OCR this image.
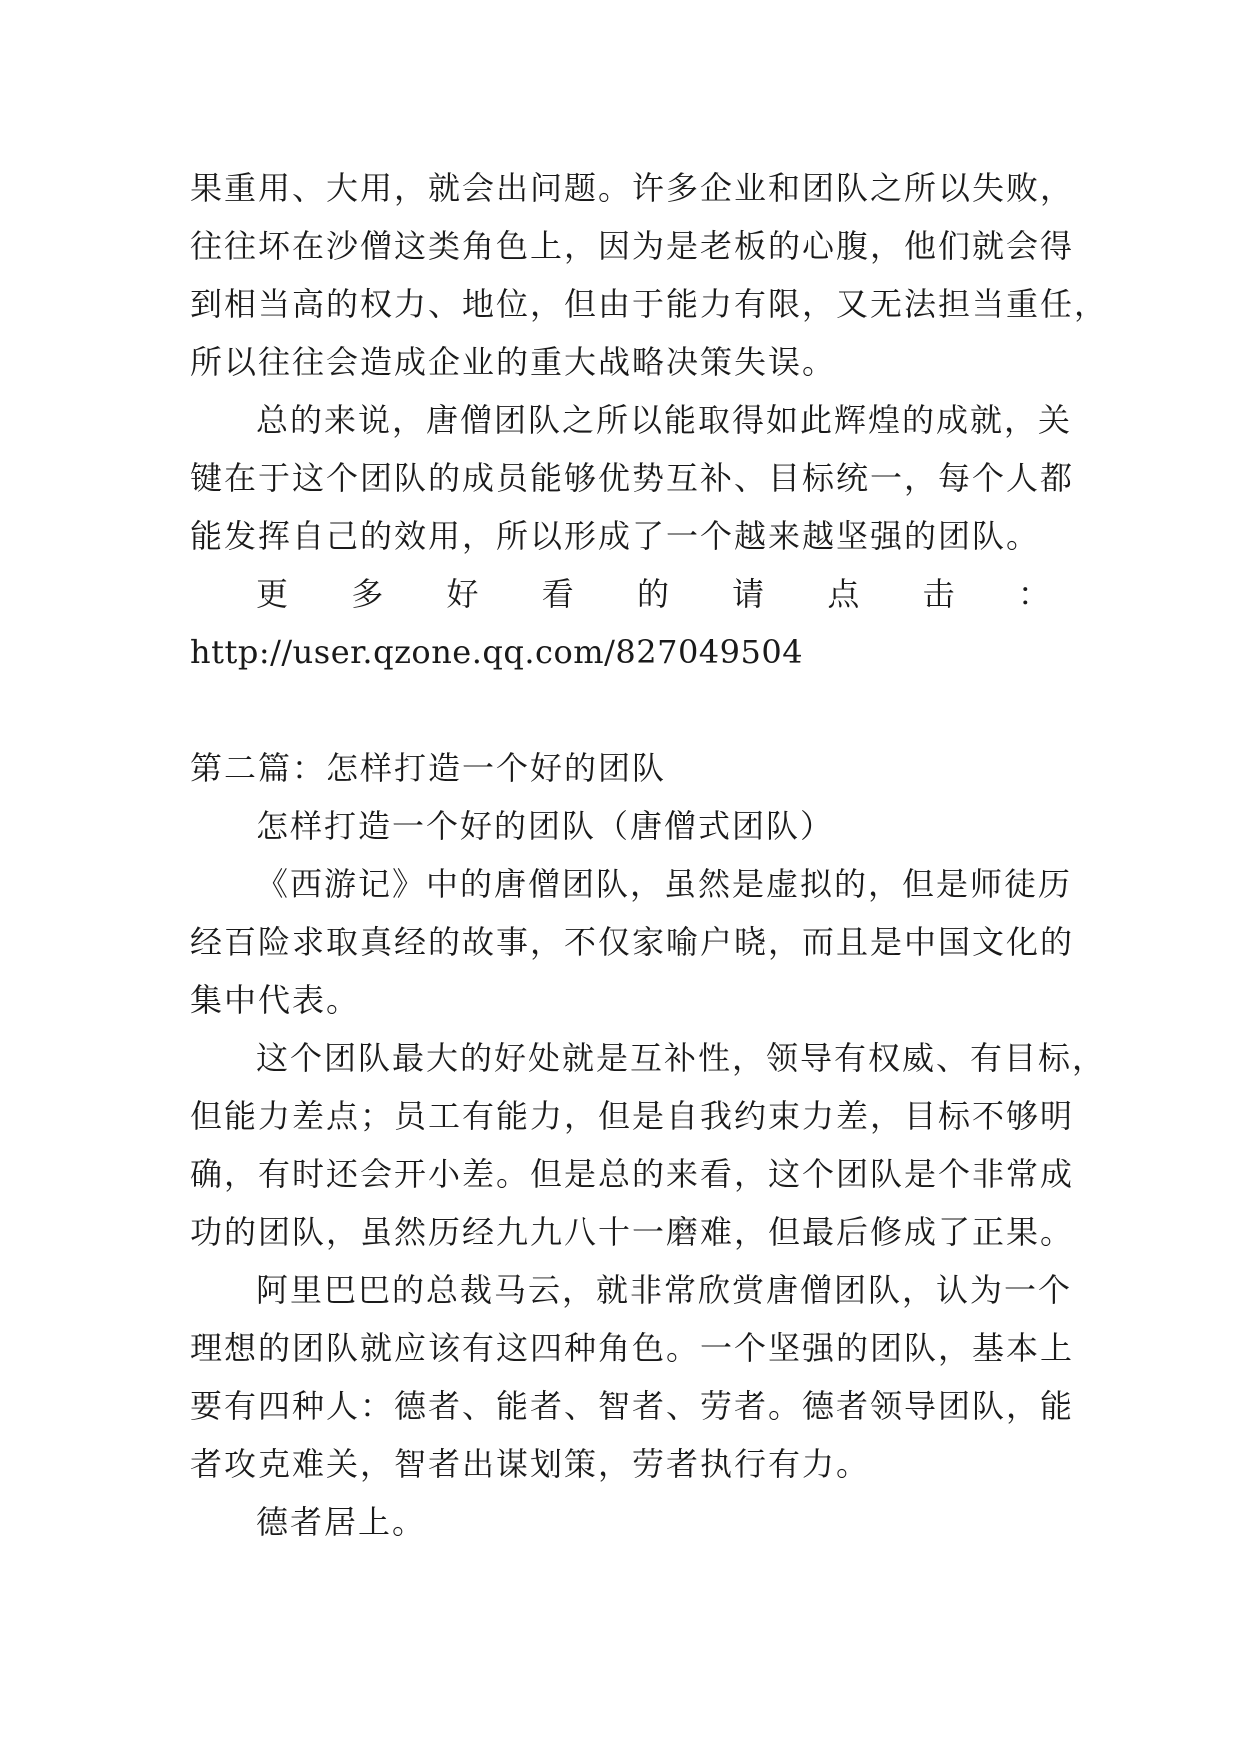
果重用、大用，就会出问题。许多企业和团队之所以失败，
往往坏在沙僧这类角色上，因为是老板的心腹，他们就会得
到相当高的权力、地位，但由于能力有限，又无法担当重任，
所以往往会造成企业的重大战略决策失误。
总的来说，唐僧团队之所以能取得如此辉煌的成就，关
键在于这个团队的成员能够优势互补、目标统一，每个人都
能发挥自己的效用，所以形成了一个越来越坚强的团队。
更 多 好 看 的 请 点 击 ：
http://user.qzone.qq.com/827049504
第二篇：怎样打造一个好的团队
怎样打造一个好的团队（唐僧式团队）
《西游记》中的唐僧团队，虽然是虚拟的，但是师徒历
经百险求取真经的故事，不仅家喻户晓，而且是中国文化的
集中代表。
这个团队最大的好处就是互补性，领导有权威、有目标，
但能力差点；员工有能力，但是自我约束力差，目标不够明
确，有时还会开小差。但是总的来看，这个团队是个非常成
功的团队，虽然历经九九八十一磨难，但最后修成了正果。
阿里巴巴的总裁马云，就非常欣赏唐僧团队，认为一个
理想的团队就应该有这四种角色。一个坚强的团队，基本上
要有四种人：德者、能者、智者、劳者。德者领导团队，能
者攻克难关，智者出谋划策，劳者执行有力。
德者居上。
